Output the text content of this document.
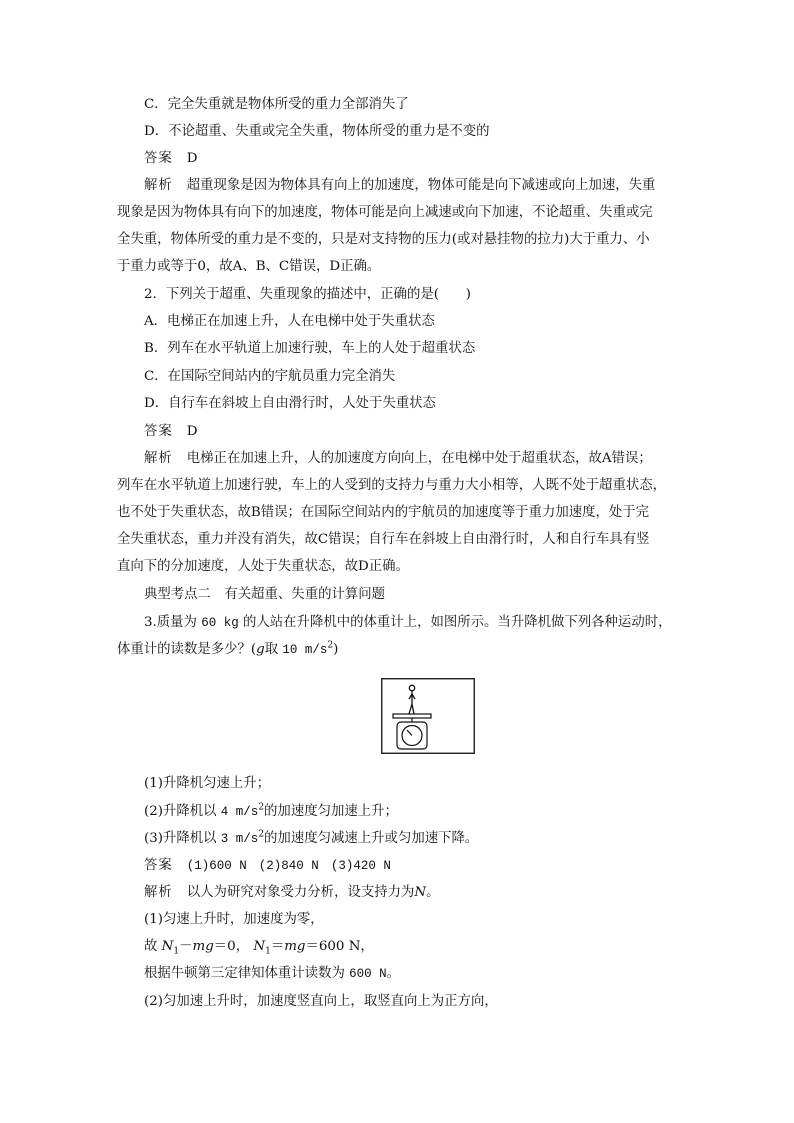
C．完全失重就是物体所受的重力全部消失了
D．不论超重、失重或完全失重，物体所受的重力是不变的
答案 D
解析 超重现象是因为物体具有向上的加速度，物体可能是向下减速或向上加速，失重
现象是因为物体具有向下的加速度，物体可能是向上减速或向下加速，不论超重、失重或完
全失重，物体所受的重力是不变的，只是对支持物的压力(或对悬挂物的拉力)大于重力、小
于重力或等于0，故A、B、C错误，D正确。
2．下列关于超重、失重现象的描述中，正确的是(　　)
A．电梯正在加速上升，人在电梯中处于失重状态
B．列车在水平轨道上加速行驶，车上的人处于超重状态
C．在国际空间站内的宇航员重力完全消失
D．自行车在斜坡上自由滑行时，人处于失重状态
答案 D
解析 电梯正在加速上升，人的加速度方向向上，在电梯中处于超重状态，故A错误；
列车在水平轨道上加速行驶，车上的人受到的支持力与重力大小相等，人既不处于超重状态，
也不处于失重状态，故B错误；在国际空间站内的宇航员的加速度等于重力加速度，处于完
全失重状态，重力并没有消失，故C错误；自行车在斜坡上自由滑行时，人和自行车具有竖
直向下的分加速度，人处于失重状态，故D正确。
典型考点二　有关超重、失重的计算问题
3.质量为 60 kg 的人站在升降机中的体重计上，如图所示。当升降机做下列各种运动时，
体重计的读数是多少？(g取 10 $m/s^2$)
(1)升降机匀速上升；
(2)升降机以 4 $m/s^2$的加速度匀加速上升；
(3)升降机以 3 $m/s^2$的加速度匀减速上升或匀加速下降。
答案 (1)600 N (2)840 N (3)420 N
解析 以人为研究对象受力分析，设支持力为N。
(1)匀速上升时，加速度为零，
故 $N_1-mg=0$， $N_1=mg=600$ N，
根据牛顿第三定律知体重计读数为 600 N。
(2)匀加速上升时，加速度竖直向上，取竖直向上为正方向，
